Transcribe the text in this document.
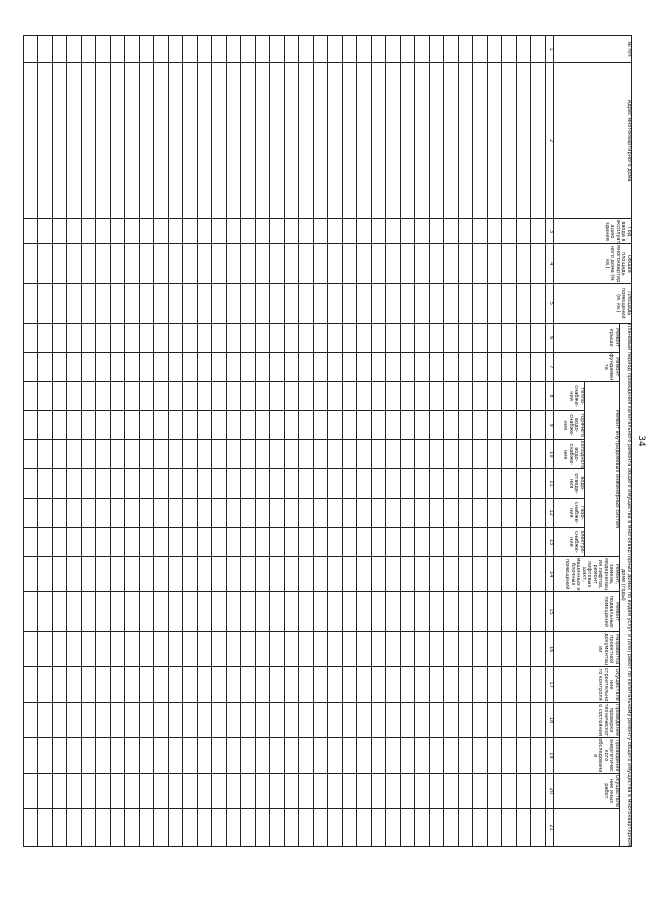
34
№ п/п	Адрес многоквартирного дома	Год ввода в эксплуатацию здания	Общая площадь многоквартирного дома (м. кв.)	Площадь помещений (м. кв.)	Плановый период проведения капитального ремонта общего имущества в многоквартирных домах по видам услуг и (или) работ по капитальному ремонту общего имущества в многоквартирном доме (годы)															
					Ремонт крыши	Ремонт фундамента	Ремонт внутридомовых инженерных систем						Ремонт, замена, модернизация лифтов, ремонт лифтовых шахт, машинных и блочных помещений	Ремонт подвальных помещений	Разработка проектной документации	Осуществление строительного контроля	Проведение проверки технического состояния	Проведение энергетического обследования	Осуществление иных работ	
							тепло-снабже-ния	горячего водо-снабже-ния	холодного водо-снабже-ния	водо-отведе-ния	газо-снабже-ния	электро-снабже-ния								
1	2	3	4	5	6	7	8	9	10	11	12	13	14	15	16	17	18	19	20	21
